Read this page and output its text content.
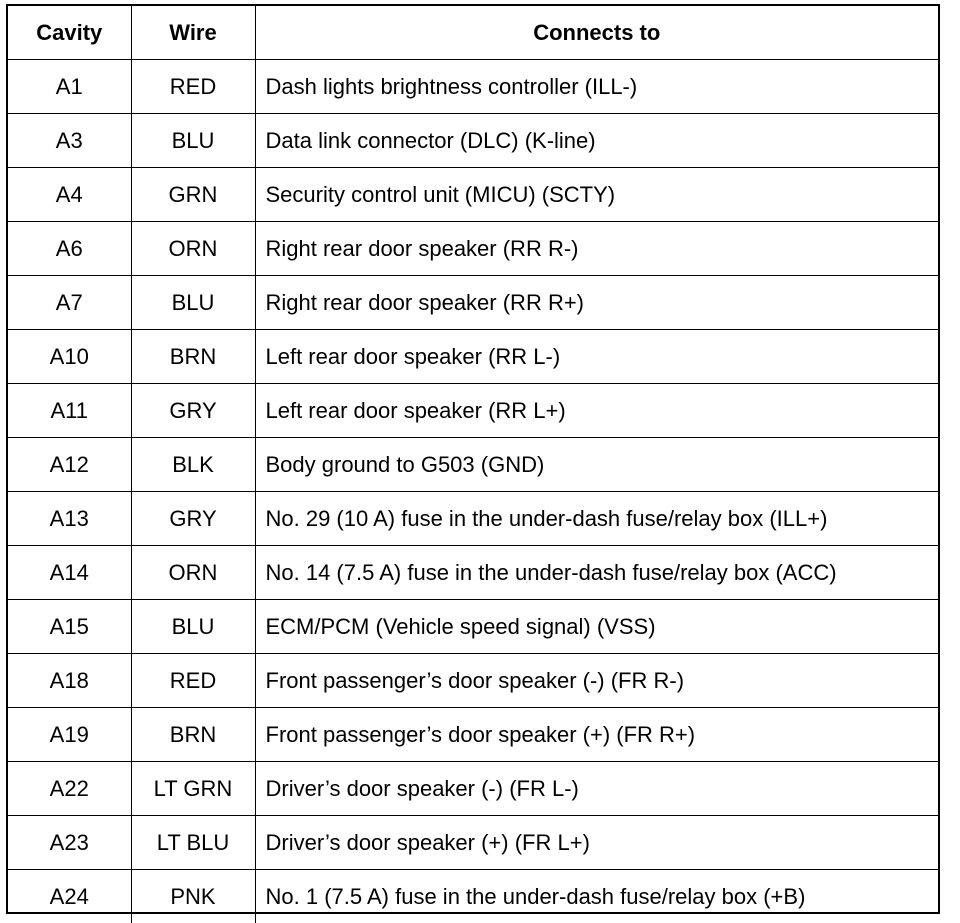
Cavity	Wire	Connects to
A1	RED	Dash lights brightness controller (ILL-)
A3	BLU	Data link connector (DLC) (K-line)
A4	GRN	Security control unit (MICU) (SCTY)
A6	ORN	Right rear door speaker (RR R-)
A7	BLU	Right rear door speaker (RR R+)
A10	BRN	Left rear door speaker (RR L-)
A11	GRY	Left rear door speaker (RR L+)
A12	BLK	Body ground to G503 (GND)
A13	GRY	No. 29 (10 A) fuse in the under-dash fuse/relay box (ILL+)
A14	ORN	No. 14 (7.5 A) fuse in the under-dash fuse/relay box (ACC)
A15	BLU	ECM/PCM (Vehicle speed signal) (VSS)
A18	RED	Front passenger’s door speaker (-) (FR R-)
A19	BRN	Front passenger’s door speaker (+) (FR R+)
A22	LT GRN	Driver’s door speaker (-) (FR L-)
A23	LT BLU	Driver’s door speaker (+) (FR L+)
A24	PNK	No. 1 (7.5 A) fuse in the under-dash fuse/relay box (+B)
